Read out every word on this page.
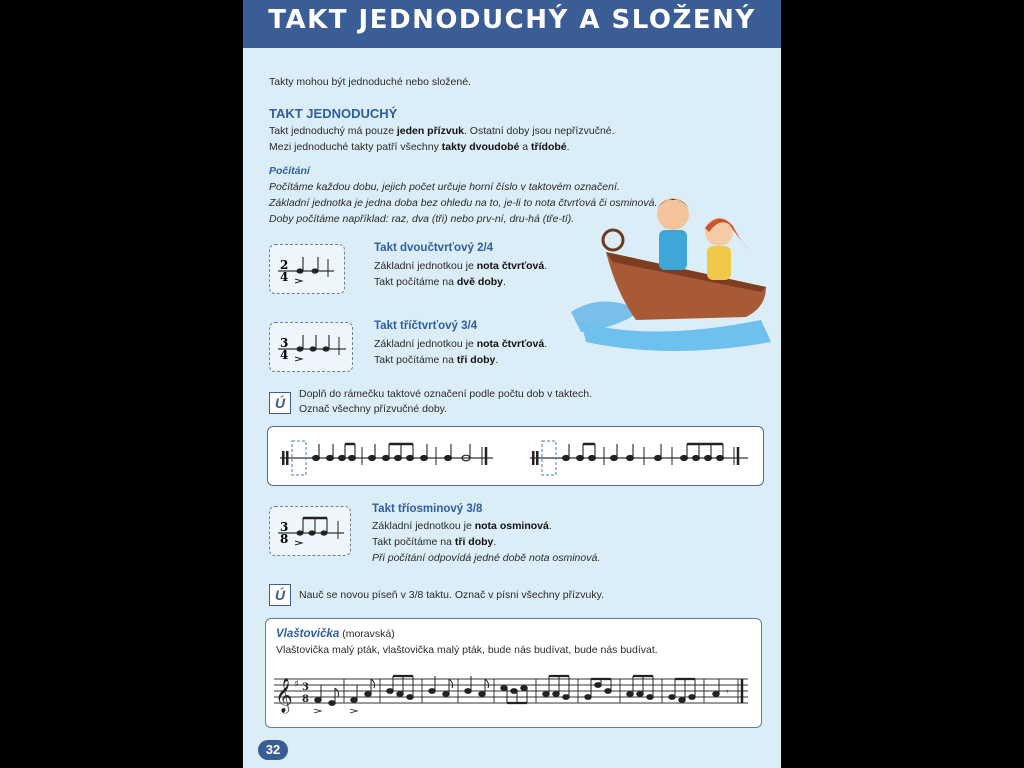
TAKT JEDNODUCHÝ A SLOŽENÝ
Takty mohou být jednoduché nebo složené.
TAKT JEDNODUCHÝ
Takt jednoduchý má pouze jeden přízvuk. Ostatní doby jsou nepřízvučné.
Mezi jednoduché takty patří všechny takty dvoudobé a třídobé.
Počítání
Počítáme každou dobu, jejich počet určuje horní číslo v taktovém označení.
Základní jednotka je jedna doba bez ohledu na to, je-li to nota čtvrťová či osminová.
Doby počítáme například: raz, dva (tři) nebo prv-ní, dru-há (tře-tí).
2
4
Takt dvoučtvrťový 2/4
Základní jednotkou je nota čtvrťová.
Takt počítáme na dvě doby.
3
4
Takt tříčtvrťový 3/4
Základní jednotkou je nota čtvrťová.
Takt počítáme na tři doby.
Ú
Doplň do rámečku taktové označení podle počtu dob v taktech.
Označ všechny přízvučné doby.
3
8
Takt tříosminový 3/8
Základní jednotkou je nota osminová.
Takt počítáme na tři doby.
Při počítání odpovídá jedné době nota osminová.
Ú	Nauč se novou píseň v 3/8 taktu. Označ v písni všechny přízvuky.
Vlaštovička (moravská)
Vlaštovička malý pták, vlaštovička malý pták, bude nás budívat, bude nás budívat.
𝄞 ♯ 3
8
𝄾
32
